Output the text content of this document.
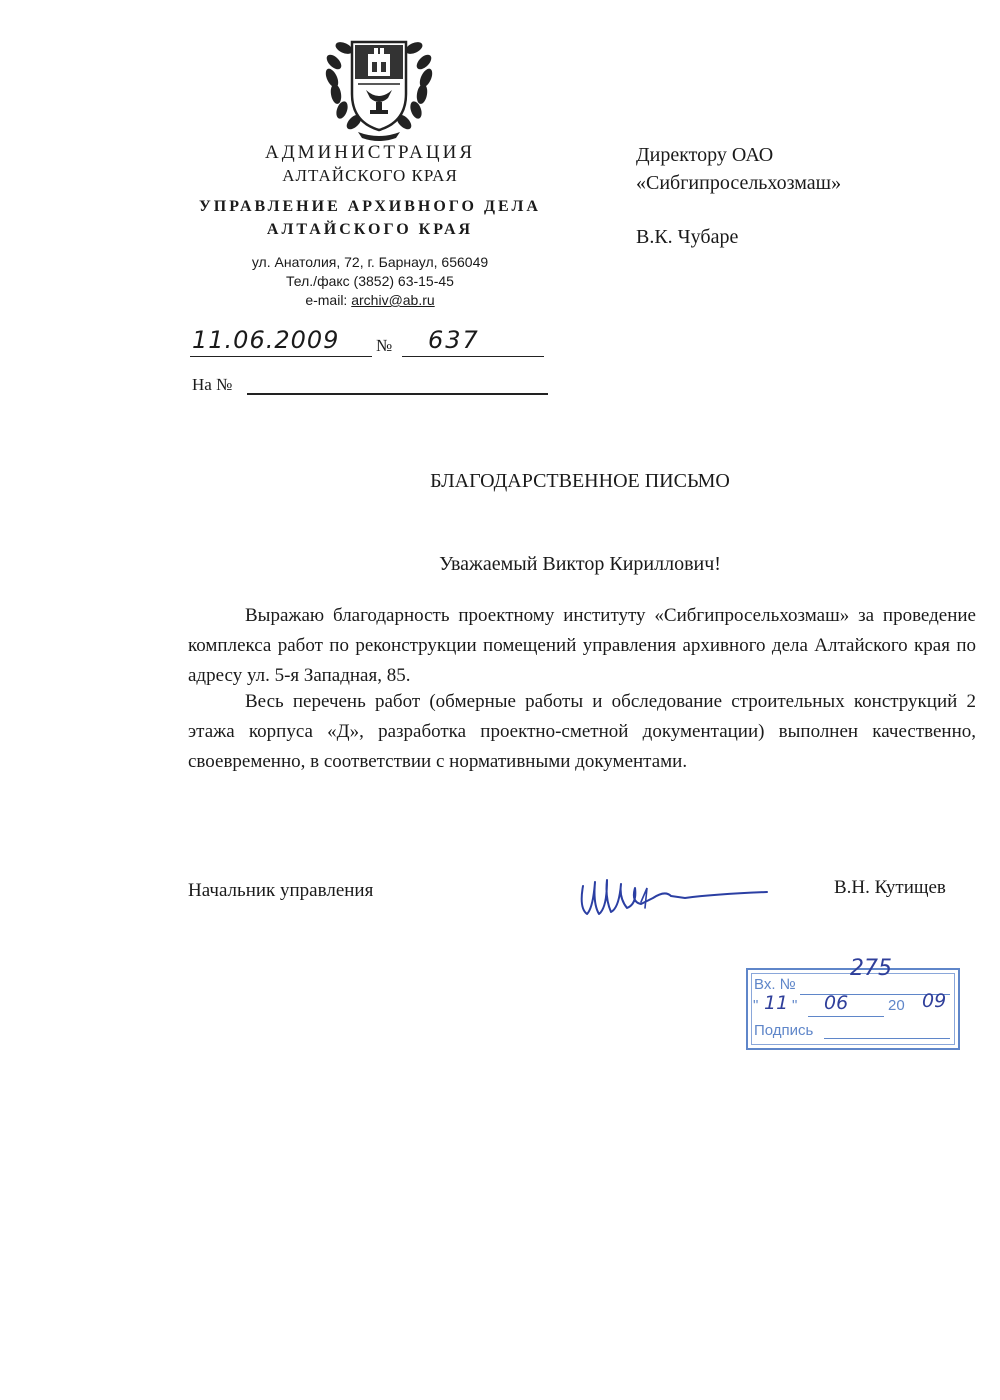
АДМИНИСТРАЦИЯ
АЛТАЙСКОГО КРАЯ
УПРАВЛЕНИЕ АРХИВНОГО ДЕЛА
АЛТАЙСКОГО КРАЯ
ул. Анатолия, 72, г. Барнаул, 656049
Тел./факс (3852) 63-15-45
e-mail: archiv@ab.ru
11.06.2009	№ 637
На №
Директору ОАО
«Сибгипросельхозмаш»
В.К. Чубаре
БЛАГОДАРСТВЕННОЕ ПИСЬМО
Уважаемый Виктор Кириллович!
Выражаю благодарность проектному институту «Сибгипросельхозмаш» за проведение комплекса работ по реконструкции помещений управления архивного дела Алтайского края по адресу ул. 5-я Западная, 85.
Весь перечень работ (обмерные работы и обследование строительных конструкций 2 этажа корпуса «Д», разработка проектно-сметной документации) выполнен качественно, своевременно, в соответствии с нормативными документами.
Начальник управления	В.Н. Кутищев
Вх. №
275
" 11 " 06	20 09
Подпись
